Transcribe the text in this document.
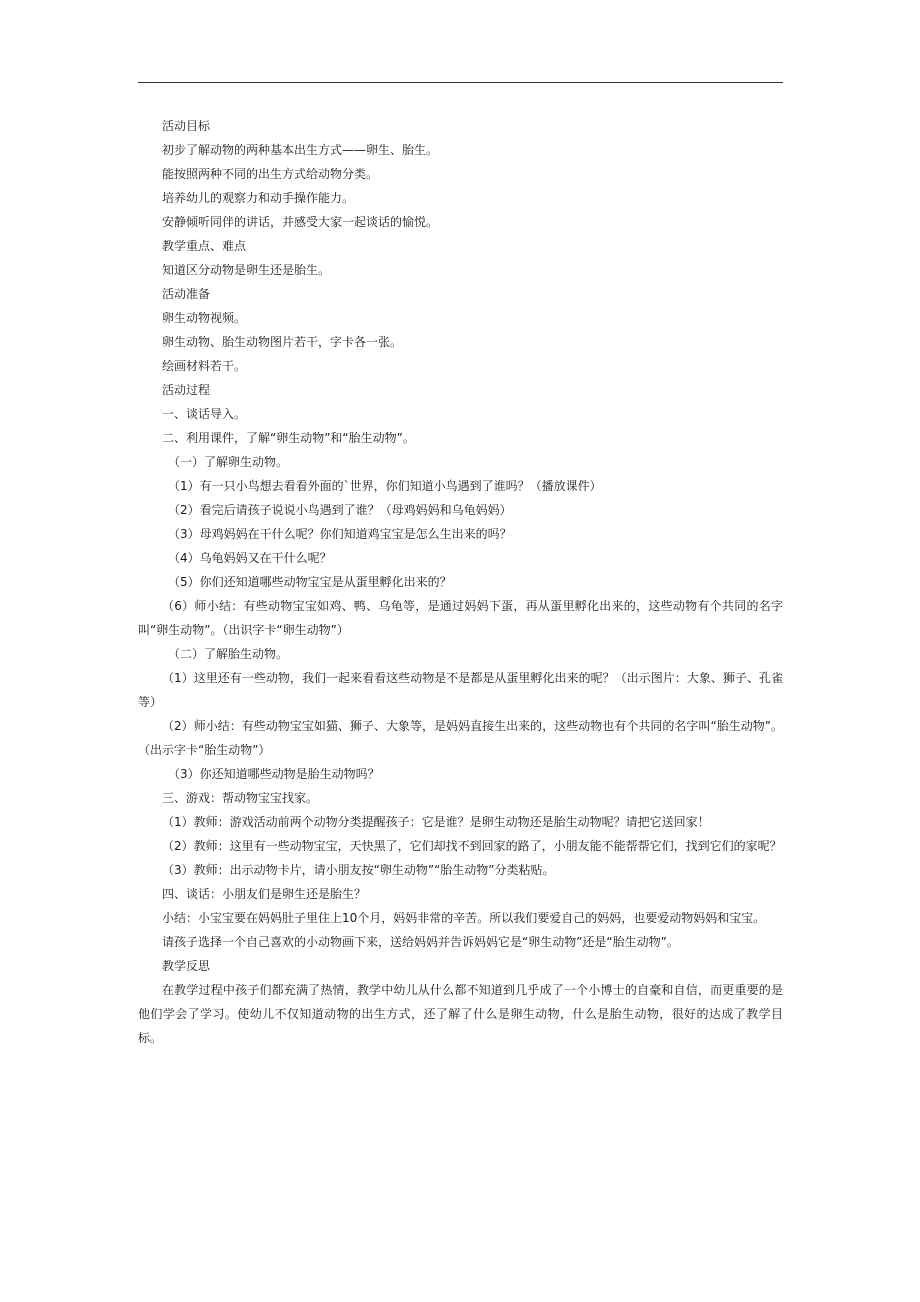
活动目标

初步了解动物的两种基本出生方式——卵生、胎生。

能按照两种不同的出生方式给动物分类。

培养幼儿的观察力和动手操作能力。

安静倾听同伴的讲话，并感受大家一起谈话的愉悦。

教学重点、难点

知道区分动物是卵生还是胎生。

活动准备

卵生动物视频。

卵生动物、胎生动物图片若干，字卡各一张。

绘画材料若干。

活动过程

一、谈话导入。

二、利用课件，了解“卵生动物”和“胎生动物”。

（一）了解卵生动物。

（1）有一只小鸟想去看看外面的`世界，你们知道小鸟遇到了谁吗？（播放课件）

（2）看完后请孩子说说小鸟遇到了谁？（母鸡妈妈和乌龟妈妈）

（3）母鸡妈妈在干什么呢？你们知道鸡宝宝是怎么生出来的吗？

（4）乌龟妈妈又在干什么呢？

（5）你们还知道哪些动物宝宝是从蛋里孵化出来的？

（6）师小结：有些动物宝宝如鸡、鸭、乌龟等，是通过妈妈下蛋，再从蛋里孵化出来的，这些动物有个共同的名字叫“卵生动物”。（出识字卡“卵生动物”）

（二）了解胎生动物。

（1）这里还有一些动物，我们一起来看看这些动物是不是都是从蛋里孵化出来的呢？（出示图片：大象、狮子、孔雀等）

（2）师小结：有些动物宝宝如猫、狮子、大象等，是妈妈直接生出来的，这些动物也有个共同的名字叫“胎生动物”。（出示字卡“胎生动物”）

（3）你还知道哪些动物是胎生动物吗？

三、游戏：帮动物宝宝找家。

（1）教师：游戏活动前两个动物分类提醒孩子：它是谁？是卵生动物还是胎生动物呢？请把它送回家！

（2）教师：这里有一些动物宝宝，天快黑了，它们却找不到回家的路了，小朋友能不能帮帮它们，找到它们的家呢？

（3）教师：出示动物卡片，请小朋友按“卵生动物”“胎生动物”分类粘贴。

四、谈话：小朋友们是卵生还是胎生？

小结：小宝宝要在妈妈肚子里住上10个月，妈妈非常的辛苦。所以我们要爱自己的妈妈，也要爱动物妈妈和宝宝。

请孩子选择一个自己喜欢的小动物画下来，送给妈妈并告诉妈妈它是“卵生动物”还是“胎生动物”。

教学反思

在教学过程中孩子们都充满了热情，教学中幼儿从什么都不知道到几乎成了一个小博士的自豪和自信，而更重要的是他们学会了学习。使幼儿不仅知道动物的出生方式，还了解了什么是卵生动物，什么是胎生动物，很好的达成了教学目标。
